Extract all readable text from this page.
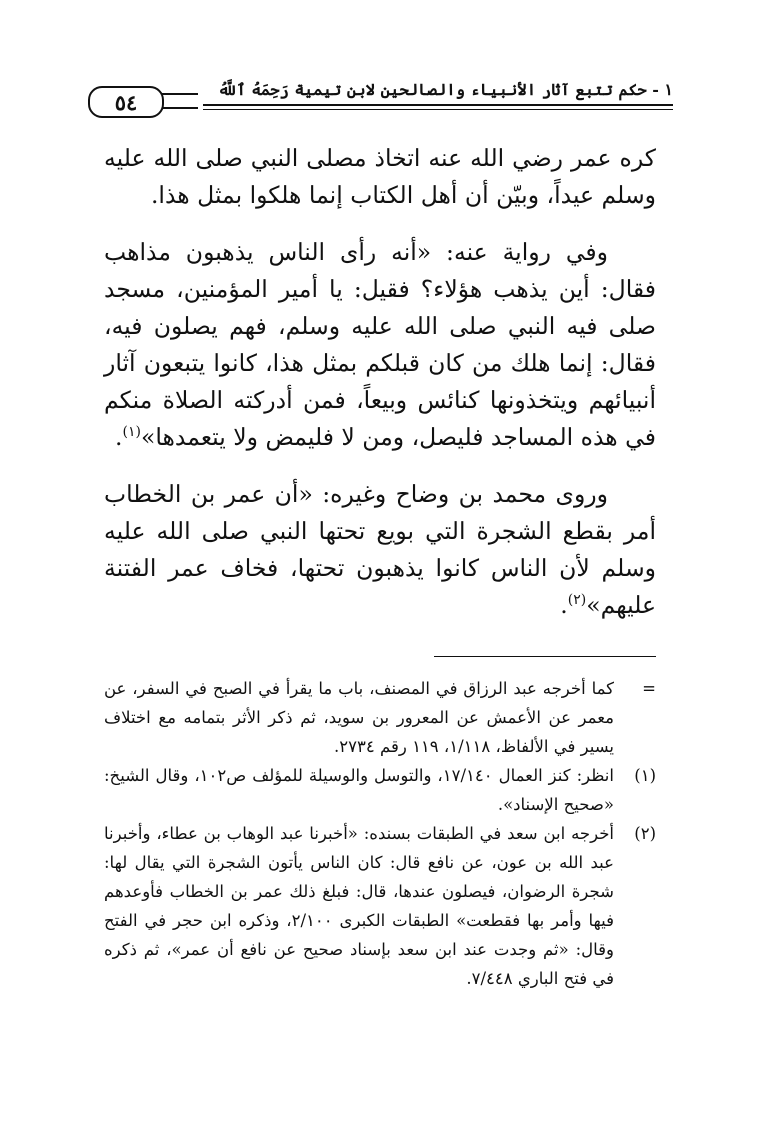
١ - حكم تتبع آثار الأنبياء والصالحين لابن تيمية رَحِمَهُ ٱللَّهُ
٥٤

كره عمر رضي الله عنه اتخاذ مصلى النبي صلى الله عليه وسلم عيداً، وبيّن أن أهل الكتاب إنما هلكوا بمثل هذا.

وفي رواية عنه: «أنه رأى الناس يذهبون مذاهب فقال: أين يذهب هؤلاء؟ فقيل: يا أمير المؤمنين، مسجد صلى فيه النبي صلى الله عليه وسلم، فهم يصلون فيه، فقال: إنما هلك من كان قبلكم بمثل هذا، كانوا يتبعون آثار أنبيائهم ويتخذونها كنائس وبيعاً، فمن أدركته الصلاة منكم في هذه المساجد فليصل، ومن لا فليمض ولا يتعمدها»$^{(١)}$.

وروى محمد بن وضاح وغيره: «أن عمر بن الخطاب أمر بقطع الشجرة التي بويع تحتها النبي صلى الله عليه وسلم لأن الناس كانوا يذهبون تحتها، فخاف عمر الفتنة عليهم»$^{(٢)}$.

=
كما أخرجه عبد الرزاق في المصنف، باب ما يقرأ في الصبح في السفر، عن معمر عن الأعمش عن المعرور بن سويد، ثم ذكر الأثر بتمامه مع اختلاف يسير في الألفاظ، ١/١١٨، ١١٩ رقم ٢٧٣٤.
(١)
انظر: كنز العمال ١٧/١٤٠، والتوسل والوسيلة للمؤلف ص١٠٢، وقال الشيخ: «صحيح الإسناد».
(٢)
أخرجه ابن سعد في الطبقات بسنده: «أخبرنا عبد الوهاب بن عطاء، وأخبرنا عبد الله بن عون، عن نافع قال: كان الناس يأتون الشجرة التي يقال لها: شجرة الرضوان، فيصلون عندها، قال: فبلغ ذلك عمر بن الخطاب فأوعدهم فيها وأمر بها فقطعت» الطبقات الكبرى ٢/١٠٠، وذكره ابن حجر في الفتح وقال: «ثم وجدت عند ابن سعد بإسناد صحيح عن نافع أن عمر»، ثم ذكره في فتح الباري ٧/٤٤٨.
